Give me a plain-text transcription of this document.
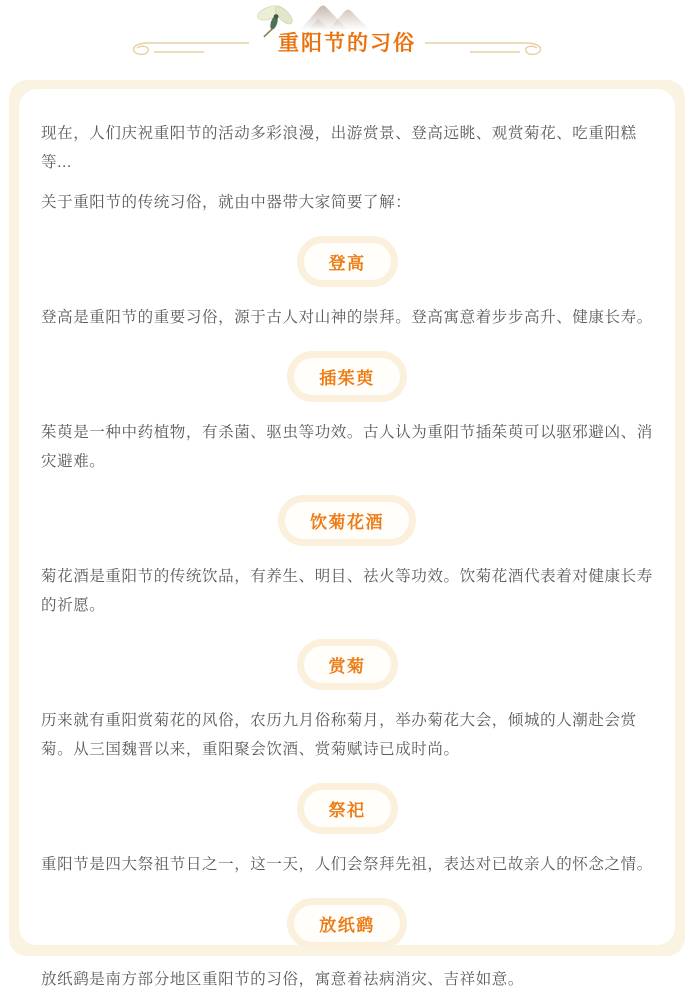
重阳节的习俗

现在，人们庆祝重阳节的活动多彩浪漫，出游赏景、登高远眺、观赏菊花、吃重阳糕等...

关于重阳节的传统习俗，就由中器带大家简要了解：

登高

登高是重阳节的重要习俗，源于古人对山神的崇拜。登高寓意着步步高升、健康长寿。

插茱萸

茱萸是一种中药植物，有杀菌、驱虫等功效。古人认为重阳节插茱萸可以驱邪避凶、消灾避难。

饮菊花酒

菊花酒是重阳节的传统饮品，有养生、明目、祛火等功效。饮菊花酒代表着对健康长寿的祈愿。

赏菊

历来就有重阳赏菊花的风俗，农历九月俗称菊月，举办菊花大会，倾城的人潮赴会赏菊。从三国魏晋以来，重阳聚会饮酒、赏菊赋诗已成时尚。

祭祀

重阳节是四大祭祖节日之一，这一天，人们会祭拜先祖，表达对已故亲人的怀念之情。

放纸鹞

放纸鹞是南方部分地区重阳节的习俗，寓意着祛病消灾、吉祥如意。
